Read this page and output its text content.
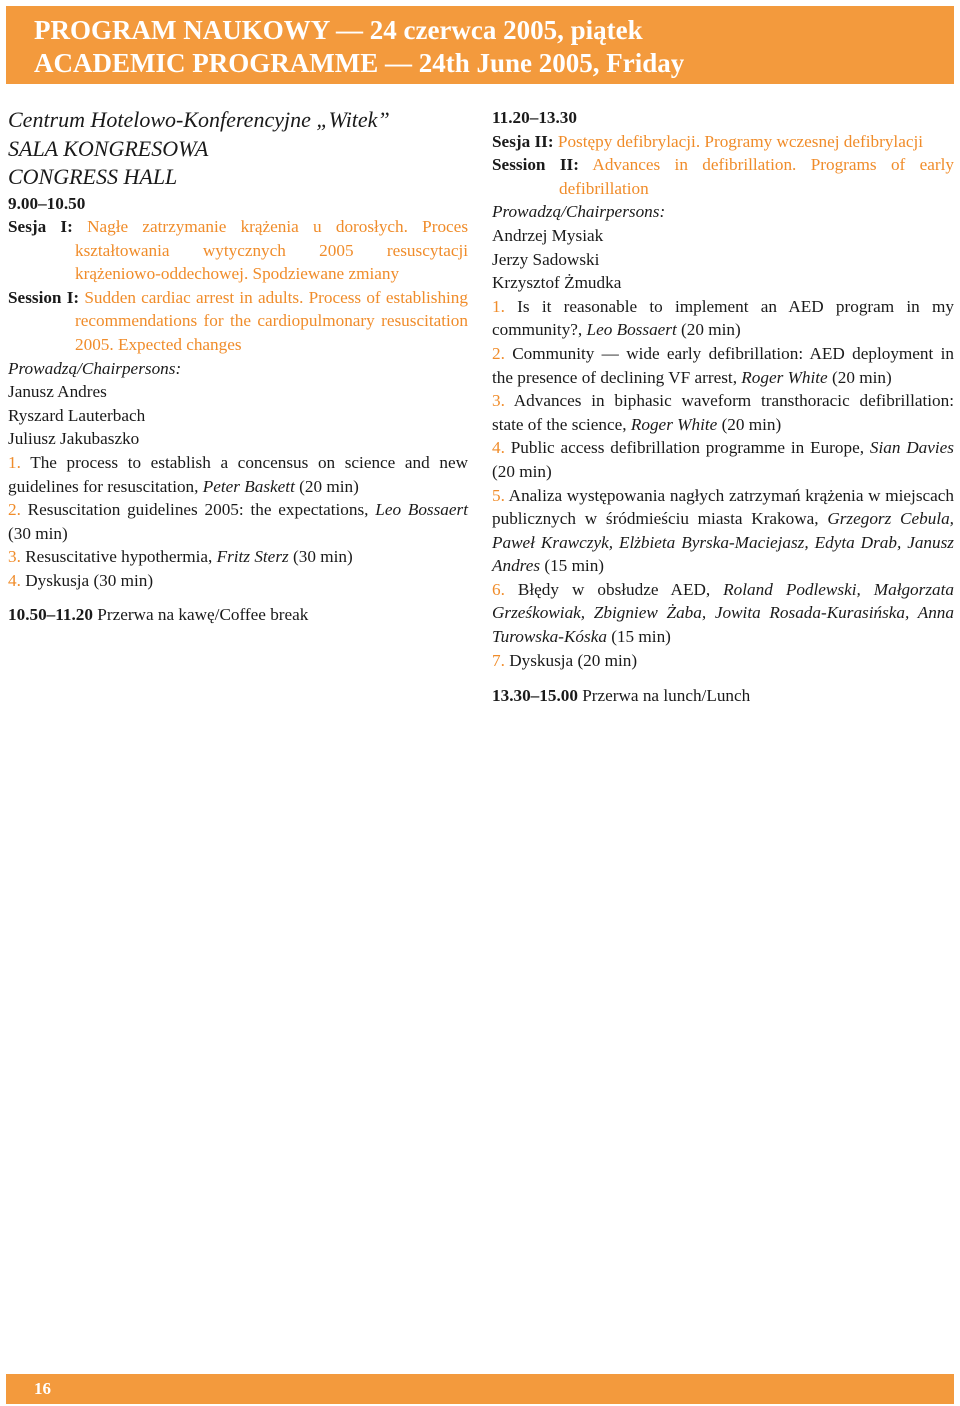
PROGRAM NAUKOWY — 24 czerwca 2005, piątek
ACADEMIC PROGRAMME — 24th June 2005, Friday
Centrum Hotelowo-Konferencyjne „Witek”
SALA KONGRESOWA
CONGRESS HALL
9.00–10.50

Sesja I: Nagłe zatrzymanie krążenia u dorosłych. Proces kształtowania wytycznych 2005 resuscytacji krążeniowo-oddechowej. Spodziewane zmiany

Session I: Sudden cardiac arrest in adults. Process of establishing recommendations for the cardiopulmonary resuscitation 2005. Expected changes

Prowadzą/Chairpersons:
Janusz Andres
Ryszard Lauterbach
Juliusz Jakubaszko

1. The process to establish a concensus on science and new guidelines for resuscitation, Peter Baskett (20 min)

2. Resuscitation guidelines 2005: the expectations, Leo Bossaert (30 min)

3. Resuscitative hypothermia, Fritz Sterz (30 min)

4. Dyskusja (30 min)

10.50–11.20 Przerwa na kawę/Coffee break
11.20–13.30

Sesja II: Postępy defibrylacji. Programy wczesnej defibrylacji

Session II: Advances in defibrillation. Programs of early defibrillation

Prowadzą/Chairpersons:
Andrzej Mysiak
Jerzy Sadowski
Krzysztof Żmudka

1. Is it reasonable to implement an AED program in my community?, Leo Bossaert (20 min)

2. Community — wide early defibrillation: AED deployment in the presence of declining VF arrest, Roger White (20 min)

3. Advances in biphasic waveform transthoracic defibrillation: state of the science, Roger White (20 min)

4. Public access defibrillation programme in Europe, Sian Davies (20 min)

5. Analiza występowania nagłych zatrzymań krążenia w miejscach publicznych w śródmieściu miasta Krakowa, Grzegorz Cebula, Paweł Krawczyk, Elżbieta Byrska-Maciejasz, Edyta Drab, Janusz Andres (15 min)

6. Błędy w obsłudze AED, Roland Podlewski, Małgorzata Grześkowiak, Zbigniew Żaba, Jowita Rosada-Kurasińska, Anna Turowska-Kóska (15 min)

7. Dyskusja (20 min)

13.30–15.00 Przerwa na lunch/Lunch
16
